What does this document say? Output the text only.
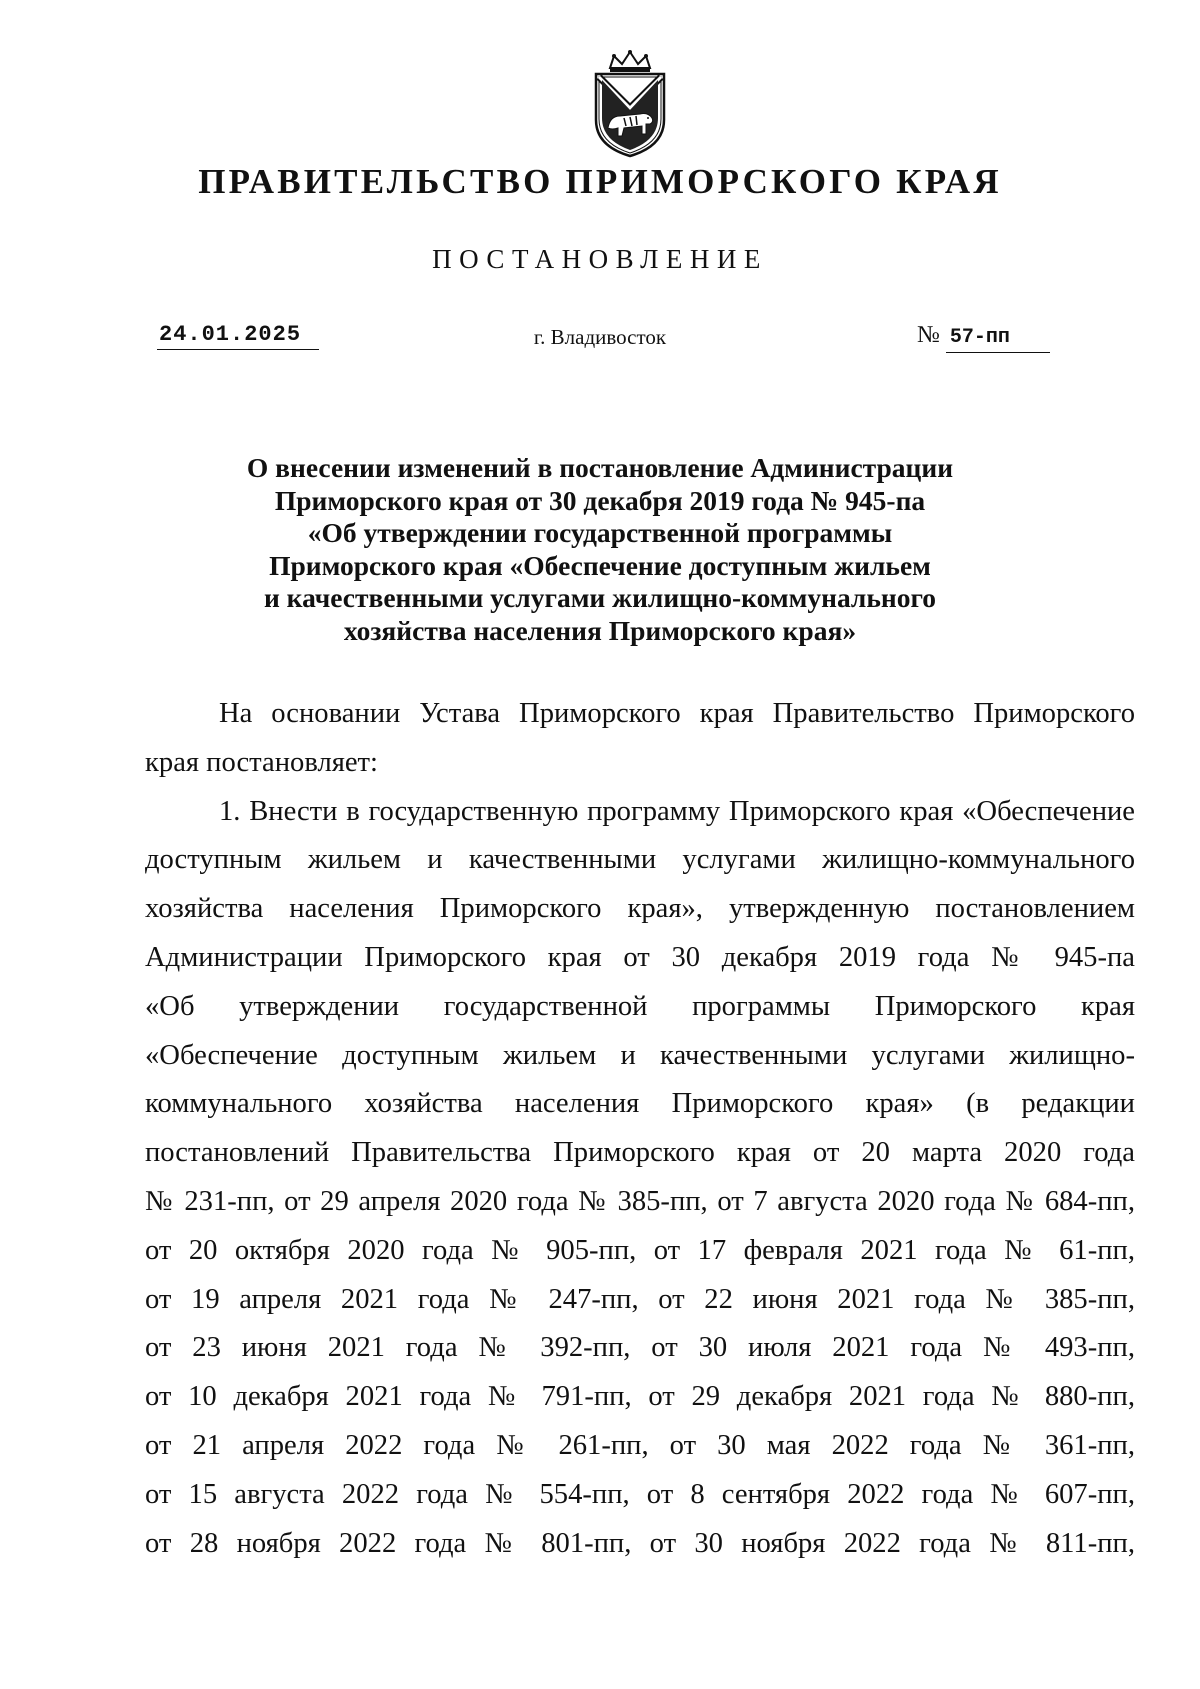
ПРАВИТЕЛЬСТВО ПРИМОРСКОГО КРАЯ
ПОСТАНОВЛЕНИЕ
24.01.2025	г. Владивосток	№ 57-пп
О внесении изменений в постановление Администрации
Приморского края от 30 декабря 2019 года № 945-па
«Об утверждении государственной программы
Приморского края «Обеспечение доступным жильем
и качественными услугами жилищно-коммунального
хозяйства населения Приморского края»
На основании Устава Приморского края Правительство Приморского
края постановляет:
1. Внести в государственную программу Приморского края «Обеспечение
доступным жильем и качественными услугами жилищно-коммунального
хозяйства населения Приморского края», утвержденную постановлением
Администрации Приморского края от 30 декабря 2019 года № 945-па
«Об утверждении государственной программы Приморского края
«Обеспечение доступным жильем и качественными услугами жилищно-
коммунального хозяйства населения Приморского края» (в редакции
постановлений Правительства Приморского края от 20 марта 2020 года
№ 231-пп, от 29 апреля 2020 года № 385-пп, от 7 августа 2020 года № 684-пп,
от 20 октября 2020 года № 905-пп, от 17 февраля 2021 года № 61-пп,
от 19 апреля 2021 года № 247-пп, от 22 июня 2021 года № 385-пп,
от 23 июня 2021 года № 392-пп, от 30 июля 2021 года № 493-пп,
от 10 декабря 2021 года № 791-пп, от 29 декабря 2021 года № 880-пп,
от 21 апреля 2022 года № 261-пп, от 30 мая 2022 года № 361-пп,
от 15 августа 2022 года № 554-пп, от 8 сентября 2022 года № 607-пп,
от 28 ноября 2022 года № 801-пп, от 30 ноября 2022 года № 811-пп,
